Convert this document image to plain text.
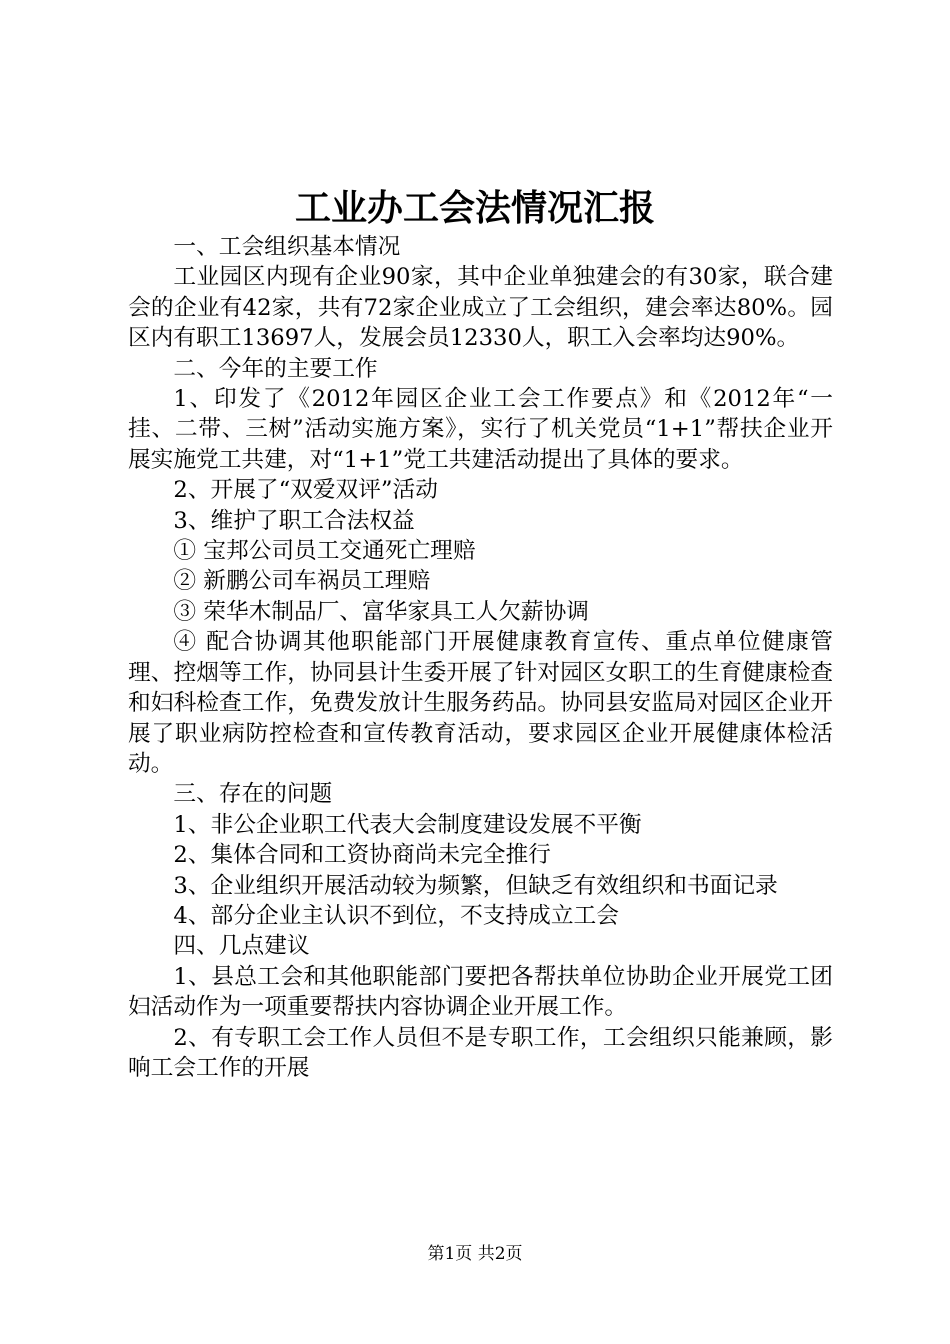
工业办工会法情况汇报

一、工会组织基本情况

工业园区内现有企业90家，其中企业单独建会的有30家，联合建会的企业有42家，共有72家企业成立了工会组织，建会率达80%。园区内有职工13697人，发展会员12330人，职工入会率均达90%。

二、今年的主要工作

1、印发了《2012年园区企业工会工作要点》和《2012年“一挂、二带、三树”活动实施方案》，实行了机关党员“1+1”帮扶企业开展实施党工共建，对“1+1”党工共建活动提出了具体的要求。

2、开展了“双爱双评”活动

3、维护了职工合法权益

① 宝邦公司员工交通死亡理赔

② 新鹏公司车祸员工理赔

③ 荣华木制品厂、富华家具工人欠薪协调

④ 配合协调其他职能部门开展健康教育宣传、重点单位健康管理、控烟等工作，协同县计生委开展了针对园区女职工的生育健康检查和妇科检查工作，免费发放计生服务药品。协同县安监局对园区企业开展了职业病防控检查和宣传教育活动，要求园区企业开展健康体检活动。

三、存在的问题

1、非公企业职工代表大会制度建设发展不平衡

2、集体合同和工资协商尚未完全推行

3、企业组织开展活动较为频繁，但缺乏有效组织和书面记录

4、部分企业主认识不到位，不支持成立工会

四、几点建议

1、县总工会和其他职能部门要把各帮扶单位协助企业开展党工团妇活动作为一项重要帮扶内容协调企业开展工作。

2、有专职工会工作人员但不是专职工作，工会组织只能兼顾，影响工会工作的开展

第1页 共2页
